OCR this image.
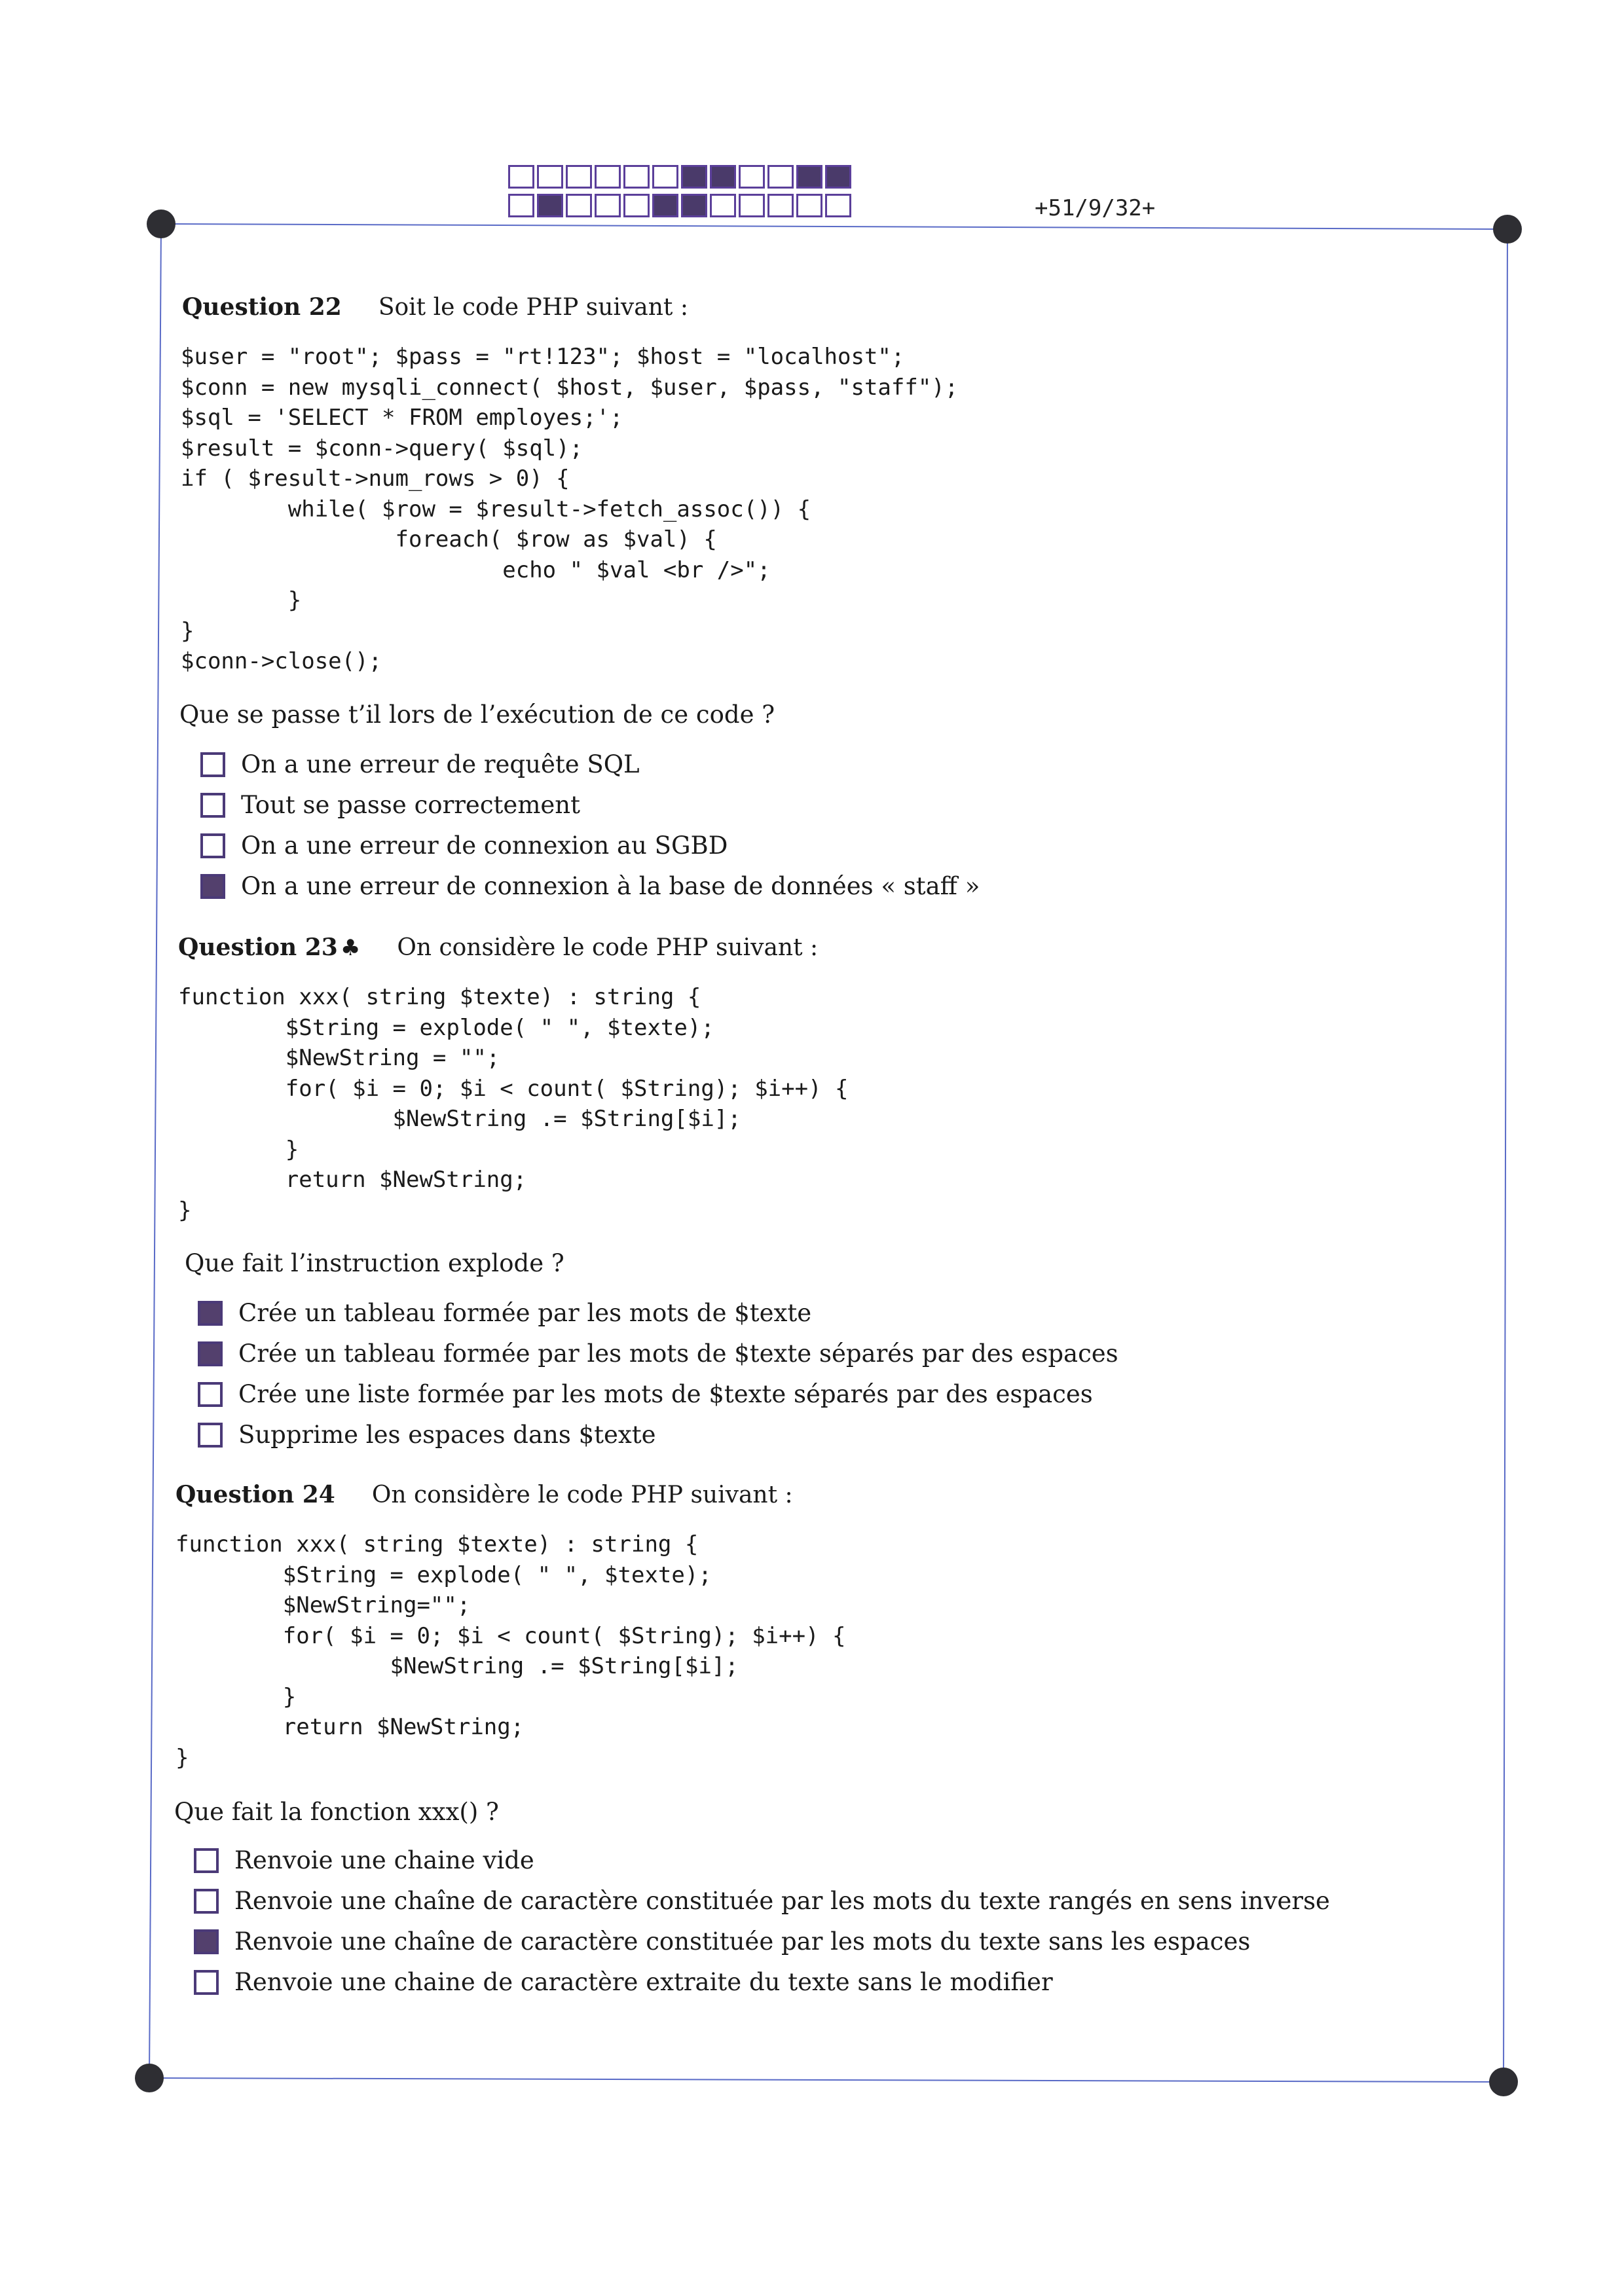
+51/9/32+
Question 22 Soit le code PHP suivant :
$user = "root"; $pass = "rt!123"; $host = "localhost";
$conn = new mysqli_connect( $host, $user, $pass, "staff");
$sql = 'SELECT * FROM employes;';
$result = $conn->query( $sql);
if ( $result->num_rows > 0) {
while( $row = $result->fetch_assoc()) {
foreach( $row as $val) {
echo " $val <br />";
}
}
$conn->close();
Que se passe t’il lors de l’exécution de ce code ?
On a une erreur de requête SQL
Tout se passe correctement
On a une erreur de connexion au SGBD
On a une erreur de connexion à la base de données « staff »
Question 23 ♣ On considère le code PHP suivant :
function xxx( string $texte) : string {
$String = explode( " ", $texte);
$NewString = "";
for( $i = 0; $i < count( $String); $i++) {
$NewString .= $String[$i];
}
return $NewString;
}
Que fait l’instruction explode ?
Crée un tableau formée par les mots de $texte
Crée un tableau formée par les mots de $texte séparés par des espaces
Crée une liste formée par les mots de $texte séparés par des espaces
Supprime les espaces dans $texte
Question 24 On considère le code PHP suivant :
function xxx( string $texte) : string {
$String = explode( " ", $texte);
$NewString="";
for( $i = 0; $i < count( $String); $i++) {
$NewString .= $String[$i];
}
return $NewString;
}
Que fait la fonction xxx() ?
Renvoie une chaine vide
Renvoie une chaîne de caractère constituée par les mots du texte rangés en sens inverse
Renvoie une chaîne de caractère constituée par les mots du texte sans les espaces
Renvoie une chaine de caractère extraite du texte sans le modifier
